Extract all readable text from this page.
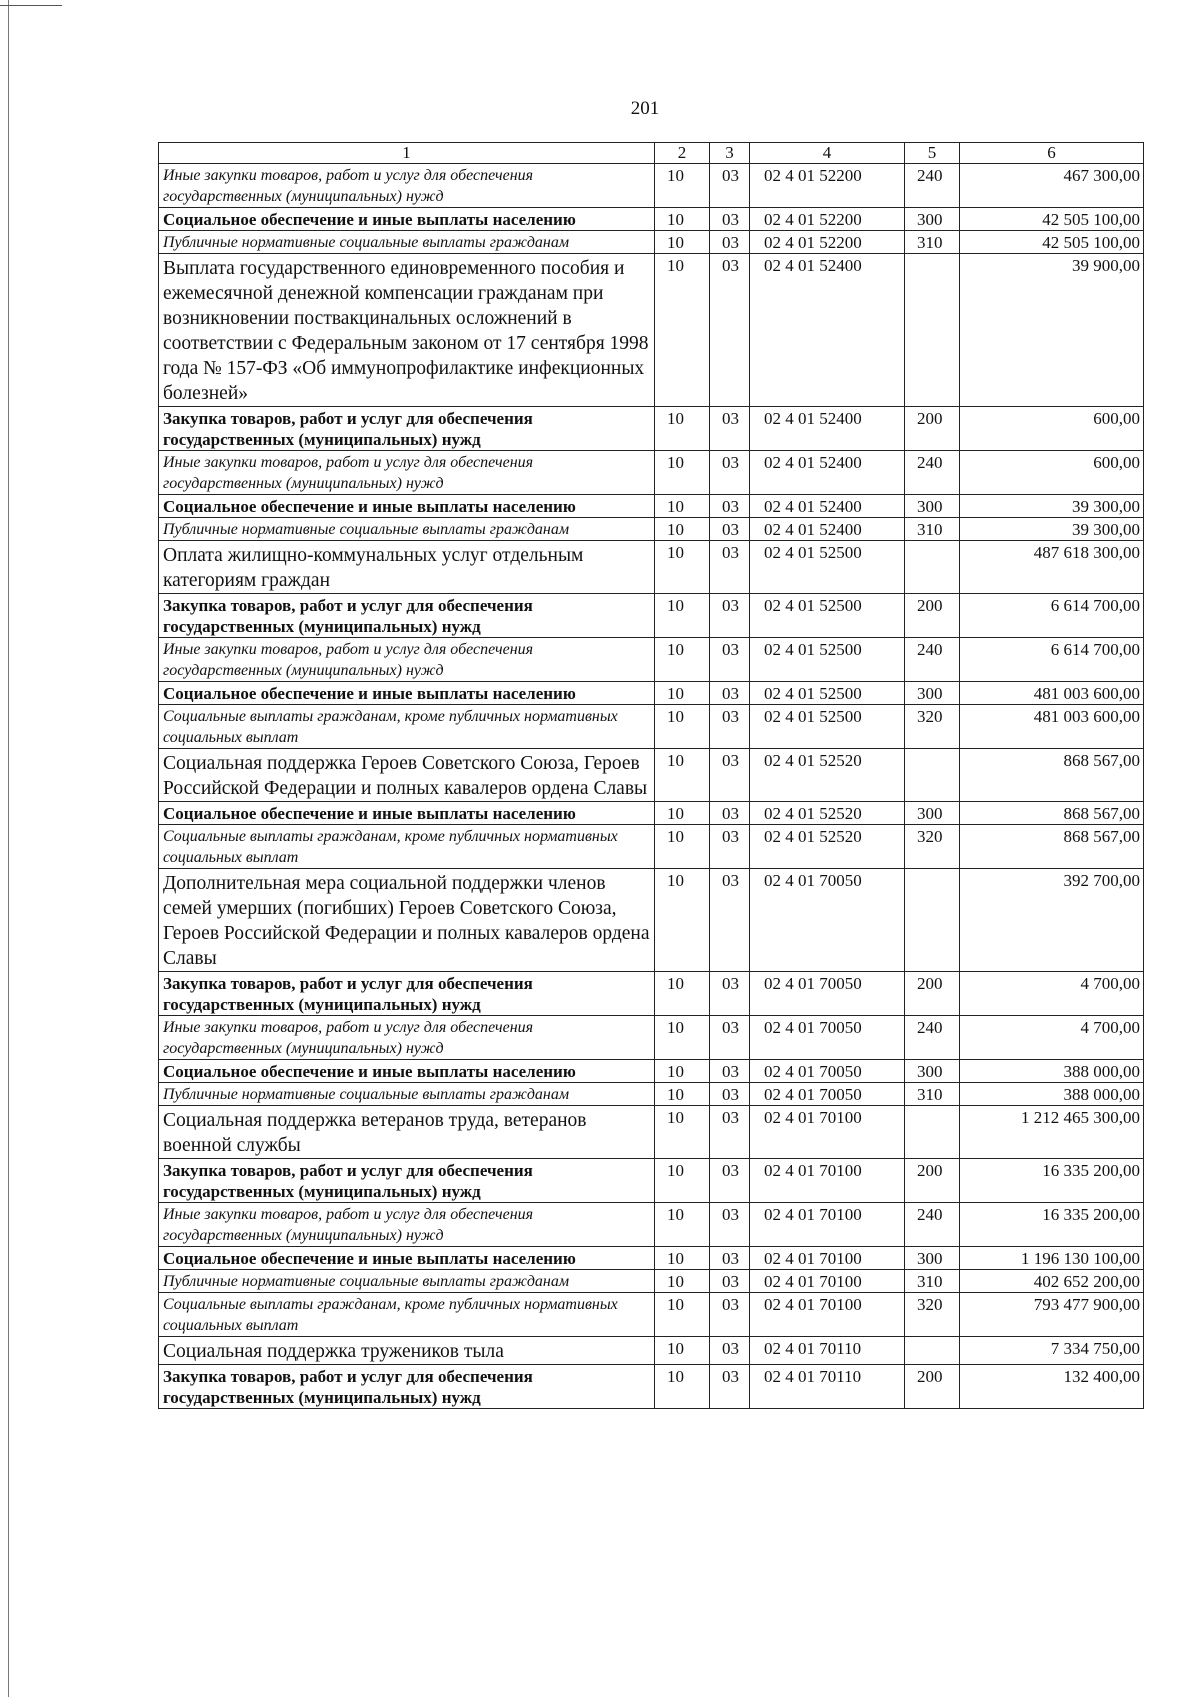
201
1	2	3	4	5	6
Иные закупки товаров, работ и услуг для обеспечения государственных (муниципальных) нужд	10	03	02 4 01 52200	240	467 300,00
Социальное обеспечение и иные выплаты населению	10	03	02 4 01 52200	300	42 505 100,00
Публичные нормативные социальные выплаты гражданам	10	03	02 4 01 52200	310	42 505 100,00
Выплата государственного единовременного пособия и ежемесячной денежной компенсации гражданам при возникновении поствакцинальных осложнений в соответствии с Федеральным законом от 17 сентября 1998 года № 157-ФЗ «Об иммунопрофилактике инфекционных болезней»	10	03	02 4 01 52400		39 900,00
Закупка товаров, работ и услуг для обеспечения государственных (муниципальных) нужд	10	03	02 4 01 52400	200	600,00
Иные закупки товаров, работ и услуг для обеспечения государственных (муниципальных) нужд	10	03	02 4 01 52400	240	600,00
Социальное обеспечение и иные выплаты населению	10	03	02 4 01 52400	300	39 300,00
Публичные нормативные социальные выплаты гражданам	10	03	02 4 01 52400	310	39 300,00
Оплата жилищно-коммунальных услуг отдельным категориям граждан	10	03	02 4 01 52500		487 618 300,00
Закупка товаров, работ и услуг для обеспечения государственных (муниципальных) нужд	10	03	02 4 01 52500	200	6 614 700,00
Иные закупки товаров, работ и услуг для обеспечения государственных (муниципальных) нужд	10	03	02 4 01 52500	240	6 614 700,00
Социальное обеспечение и иные выплаты населению	10	03	02 4 01 52500	300	481 003 600,00
Социальные выплаты гражданам, кроме публичных нормативных социальных выплат	10	03	02 4 01 52500	320	481 003 600,00
Социальная поддержка Героев Советского Союза, Героев Российской Федерации и полных кавалеров ордена Славы	10	03	02 4 01 52520		868 567,00
Социальное обеспечение и иные выплаты населению	10	03	02 4 01 52520	300	868 567,00
Социальные выплаты гражданам, кроме публичных нормативных социальных выплат	10	03	02 4 01 52520	320	868 567,00
Дополнительная мера социальной поддержки членов семей умерших (погибших) Героев Советского Союза, Героев Российской Федерации и полных кавалеров ордена Славы	10	03	02 4 01 70050		392 700,00
Закупка товаров, работ и услуг для обеспечения государственных (муниципальных) нужд	10	03	02 4 01 70050	200	4 700,00
Иные закупки товаров, работ и услуг для обеспечения государственных (муниципальных) нужд	10	03	02 4 01 70050	240	4 700,00
Социальное обеспечение и иные выплаты населению	10	03	02 4 01 70050	300	388 000,00
Публичные нормативные социальные выплаты гражданам	10	03	02 4 01 70050	310	388 000,00
Социальная поддержка ветеранов труда, ветеранов военной службы	10	03	02 4 01 70100		1 212 465 300,00
Закупка товаров, работ и услуг для обеспечения государственных (муниципальных) нужд	10	03	02 4 01 70100	200	16 335 200,00
Иные закупки товаров, работ и услуг для обеспечения государственных (муниципальных) нужд	10	03	02 4 01 70100	240	16 335 200,00
Социальное обеспечение и иные выплаты населению	10	03	02 4 01 70100	300	1 196 130 100,00
Публичные нормативные социальные выплаты гражданам	10	03	02 4 01 70100	310	402 652 200,00
Социальные выплаты гражданам, кроме публичных нормативных социальных выплат	10	03	02 4 01 70100	320	793 477 900,00
Социальная поддержка тружеников тыла	10	03	02 4 01 70110		7 334 750,00
Закупка товаров, работ и услуг для обеспечения государственных (муниципальных) нужд	10	03	02 4 01 70110	200	132 400,00
